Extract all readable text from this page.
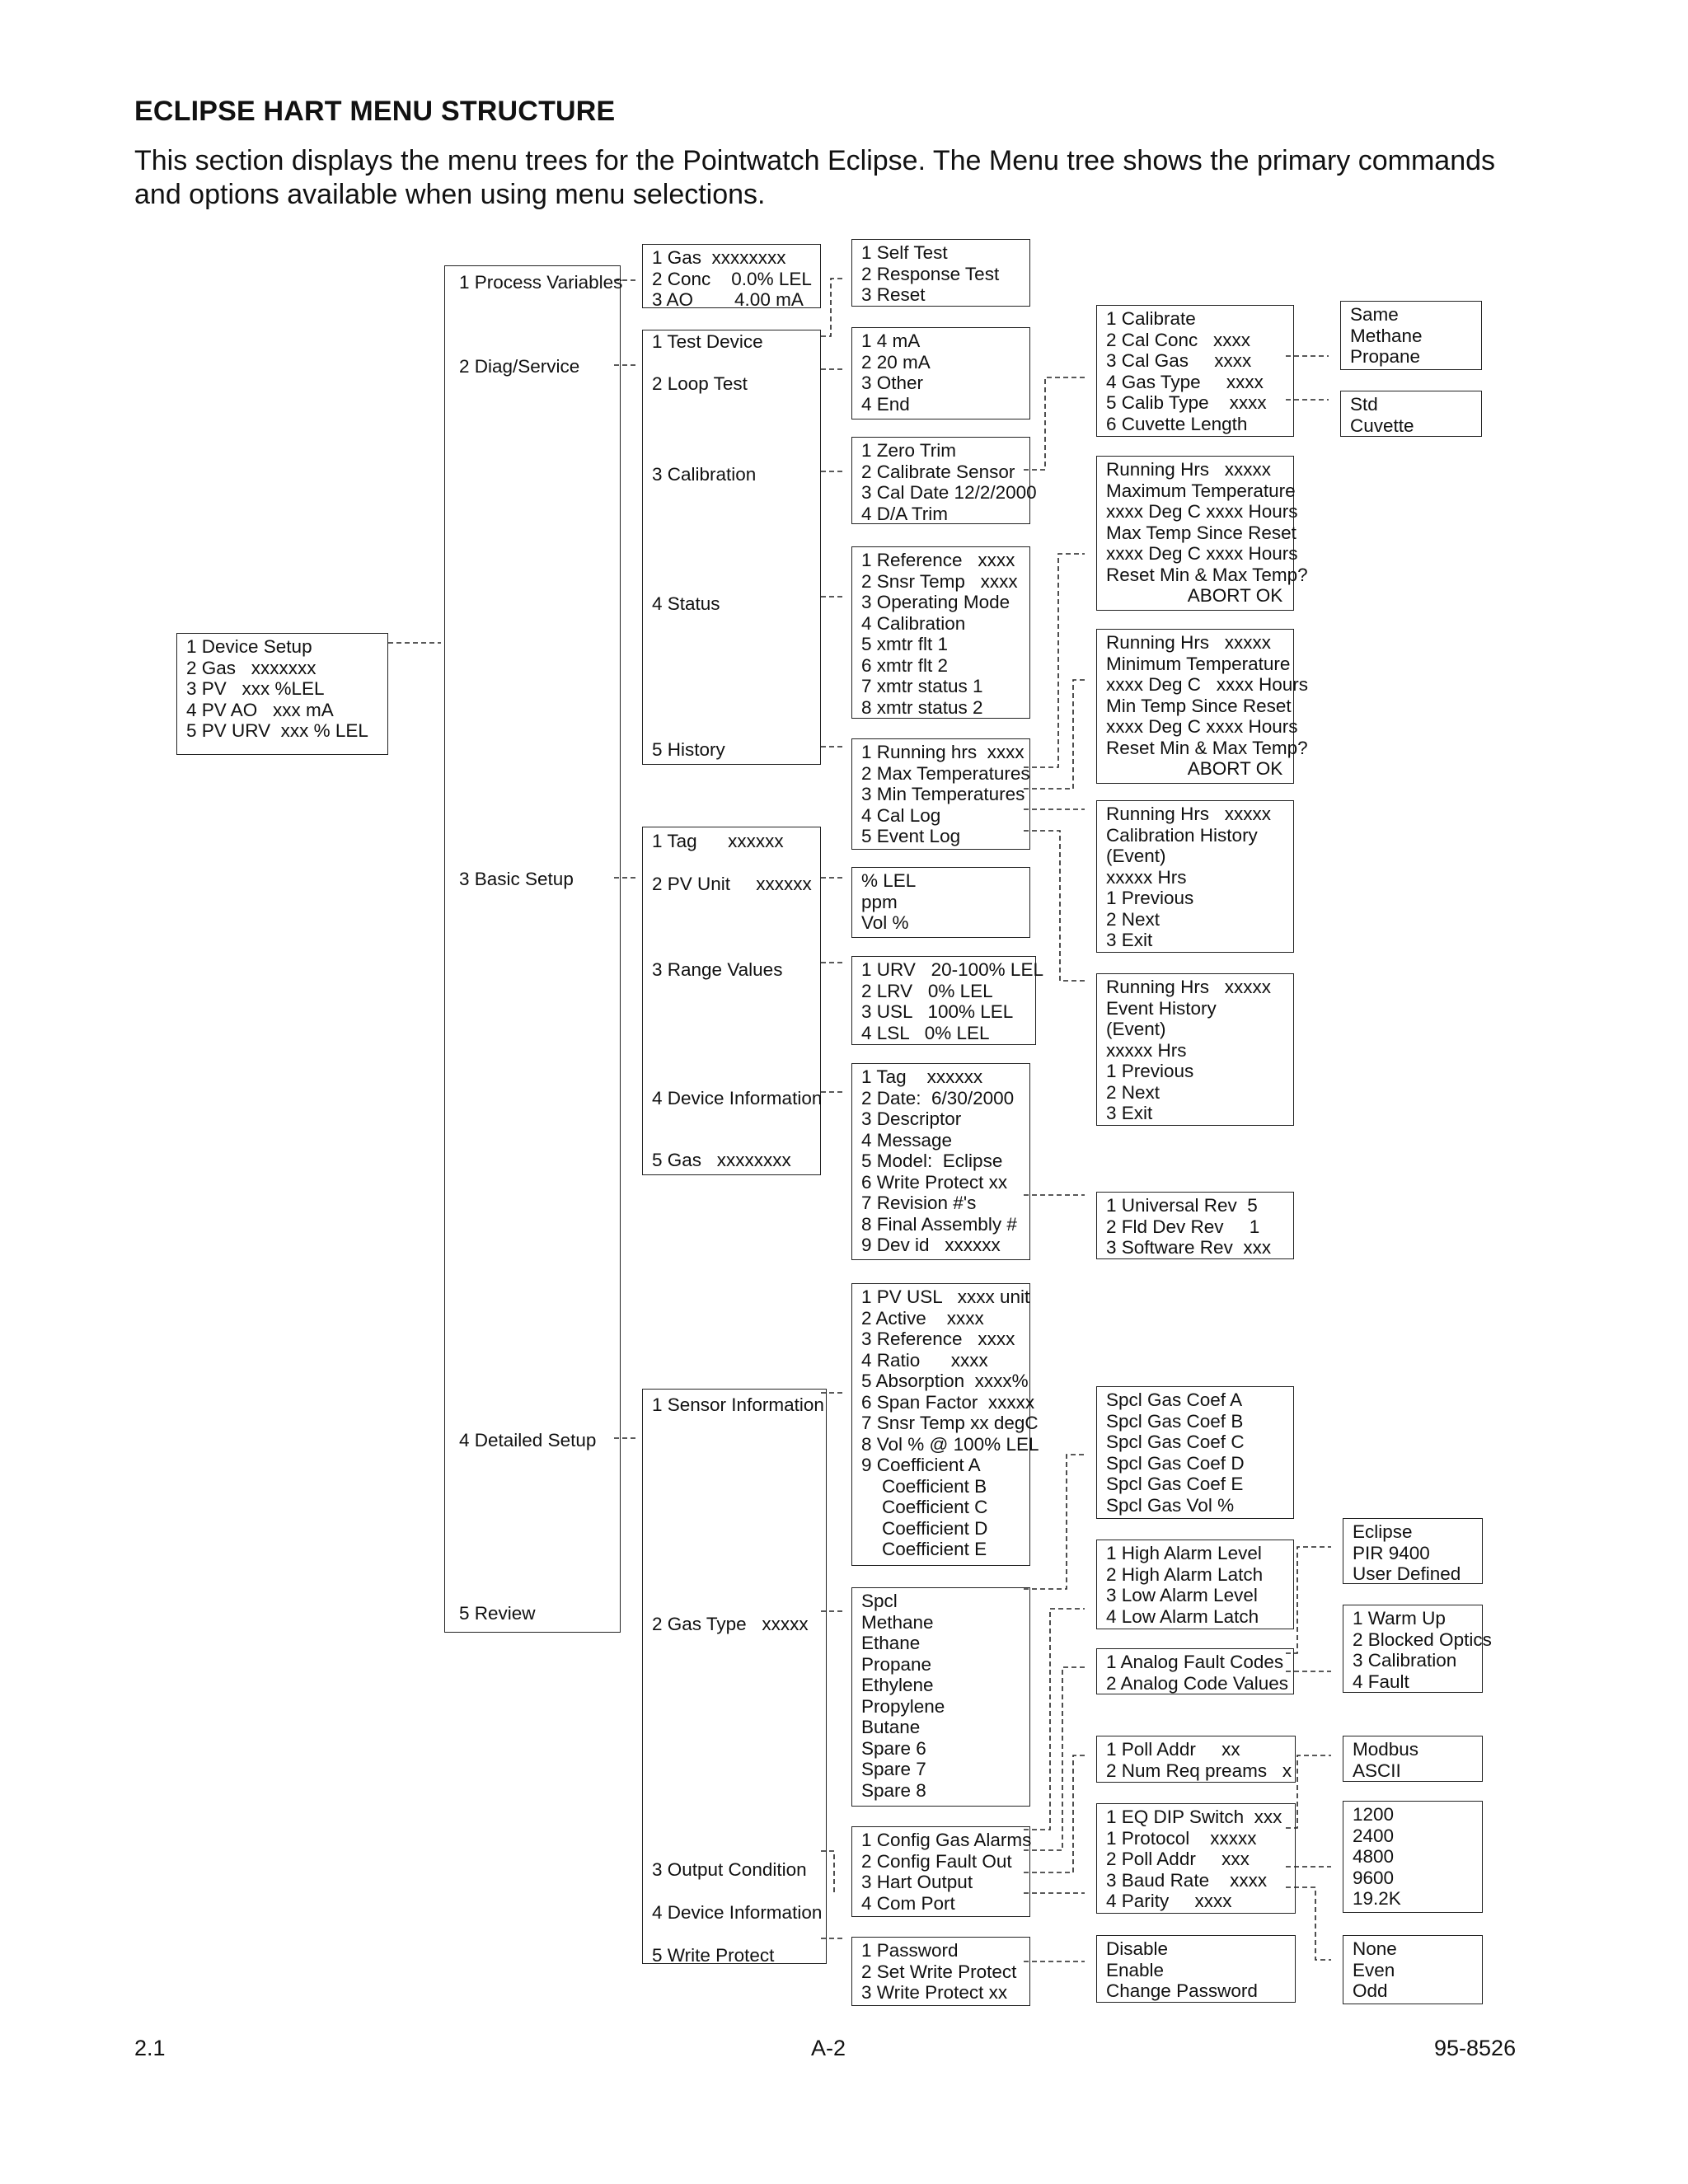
ECLIPSE HART MENU STRUCTURE
This section displays the menu trees for the Pointwatch Eclipse. The Menu tree shows the primary commands and options available when using menu selections.
1 Device Setup
2 Gas   xxxxxxx
3 PV   xxx %LEL
4 PV AO   xxx mA
5 PV URV  xxx % LEL
1 Process Variables
2 Diag/Service
3 Basic Setup
4 Detailed Setup
5 Review
1 Gas  xxxxxxxx
2 Conc    0.0% LEL
3 AO        4.00 mA
1 Test Device
2 Loop Test
3 Calibration
4 Status
5 History
1 Self Test
2 Response Test
3 Reset
1 4 mA
2 20 mA
3 Other
4 End
1 Zero Trim
2 Calibrate Sensor
3 Cal Date 12/2/2000
4 D/A Trim
1 Calibrate
2 Cal Conc   xxxx
3 Cal Gas     xxxx
4 Gas Type     xxxx
5 Calib Type    xxxx
6 Cuvette Length
Same
Methane
Propane
Std
Cuvette
1 Reference   xxxx
2 Snsr Temp   xxxx
3 Operating Mode
4 Calibration
5 xmtr flt 1
6 xmtr flt 2
7 xmtr status 1
8 xmtr status 2
1 Running hrs  xxxx
2 Max Temperatures
3 Min Temperatures
4 Cal Log
5 Event Log
Running Hrs   xxxxx
Maximum Temperature
xxxx Deg C xxxx Hours
Max Temp Since Reset
xxxx Deg C xxxx Hours
Reset Min & Max Temp?
ABORT OK
Running Hrs   xxxxx
Minimum Temperature
xxxx Deg C   xxxx Hours
Min Temp Since Reset
xxxx Deg C xxxx Hours
Reset Min & Max Temp?
ABORT OK
Running Hrs   xxxxx
Calibration History
(Event)
xxxxx Hrs
1 Previous
2 Next
3 Exit
Running Hrs   xxxxx
Event History
(Event)
xxxxx Hrs
1 Previous
2 Next
3 Exit
1 Tag      xxxxxx
2 PV Unit     xxxxxx
3 Range Values
4 Device Information
5 Gas   xxxxxxxx
% LEL
ppm
Vol %
1 URV   20-100% LEL
2 LRV   0% LEL
3 USL   100% LEL
4 LSL   0% LEL
1 Tag    xxxxxx
2 Date:  6/30/2000
3 Descriptor
4 Message
5 Model:  Eclipse
6 Write Protect xx
7 Revision #'s
8 Final Assembly #
9 Dev id   xxxxxx
1 Universal Rev  5
2 Fld Dev Rev     1
3 Software Rev  xxx
1 Sensor Information
2 Gas Type   xxxxx
3 Output Condition
4 Device Information
5 Write Protect
1 PV USL   xxxx unit
2 Active    xxxx
3 Reference   xxxx
4 Ratio      xxxx
5 Absorption  xxxx%
6 Span Factor  xxxxx
7 Snsr Temp xx degC
8 Vol % @ 100% LEL
9 Coefficient A
Coefficient B
Coefficient C
Coefficient D
Coefficient E
Spcl Gas Coef A
Spcl Gas Coef B
Spcl Gas Coef C
Spcl Gas Coef D
Spcl Gas Coef E
Spcl Gas Vol %
Spcl
Methane
Ethane
Propane
Ethylene
Propylene
Butane
Spare 6
Spare 7
Spare 8
1 High Alarm Level
2 High Alarm Latch
3 Low Alarm Level
4 Low Alarm Latch
Eclipse
PIR 9400
User Defined
1 Analog Fault Codes
2 Analog Code Values
1 Warm Up
2 Blocked Optics
3 Calibration
4 Fault
1 Poll Addr     xx
2 Num Req preams   x
Modbus
ASCII
1 Config Gas Alarms
2 Config Fault Out
3 Hart Output
4 Com Port
1 EQ DIP Switch  xxx
1 Protocol    xxxxx
2 Poll Addr     xxx
3 Baud Rate    xxxx
4 Parity     xxxx
1200
2400
4800
9600
19.2K
1 Password
2 Set Write Protect
3 Write Protect xx
Disable
Enable
Change Password
None
Even
Odd
2.1	A-2	95-8526
